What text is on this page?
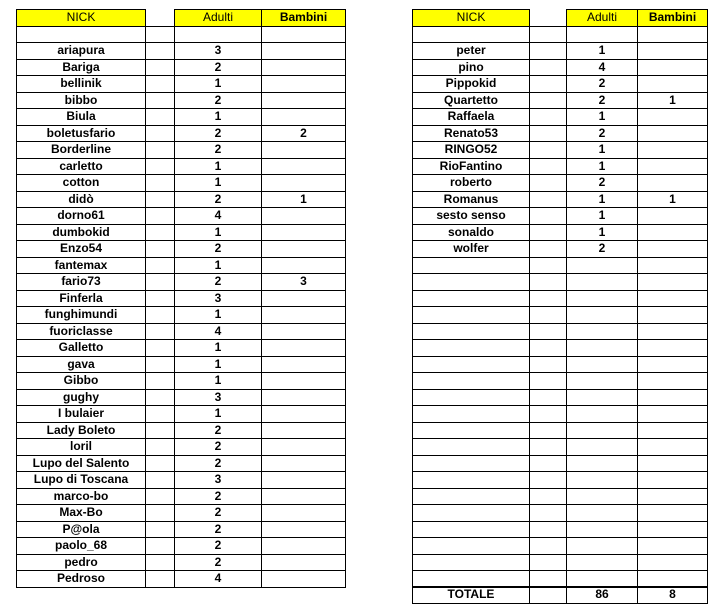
NICK		Adulti	Bambini

ariapura		3	
Bariga		2	
bellinik		1	
bibbo		2	
Biula		1	
boletusfario		2	2
Borderline		2	
carletto		1	
cotton		1	
didò		2	1
dorno61		4	
dumbokid		1	
Enzo54		2	
fantemax		1	
fario73		2	3
Finferla		3	
funghimundi		1	
fuoriclasse		4	
Galletto		1	
gava		1	
Gibbo		1	
gughy		3	
I bulaier		1	
Lady Boleto		2	
loril		2	
Lupo del Salento		2	
Lupo di Toscana		3	
marco-bo		2	
Max-Bo		2	
P@ola		2	
paolo_68		2	
pedro		2	
Pedroso		4	
NICK		Adulti	Bambini

peter		1	
pino		4	
Pippokid		2	
Quartetto		2	1
Raffaela		1	
Renato53		2	
RINGO52		1	
RioFantino		1	
roberto		2	
Romanus		1	1
sesto senso		1	
sonaldo		1	
wolfer		2	

TOTALE		86	8
